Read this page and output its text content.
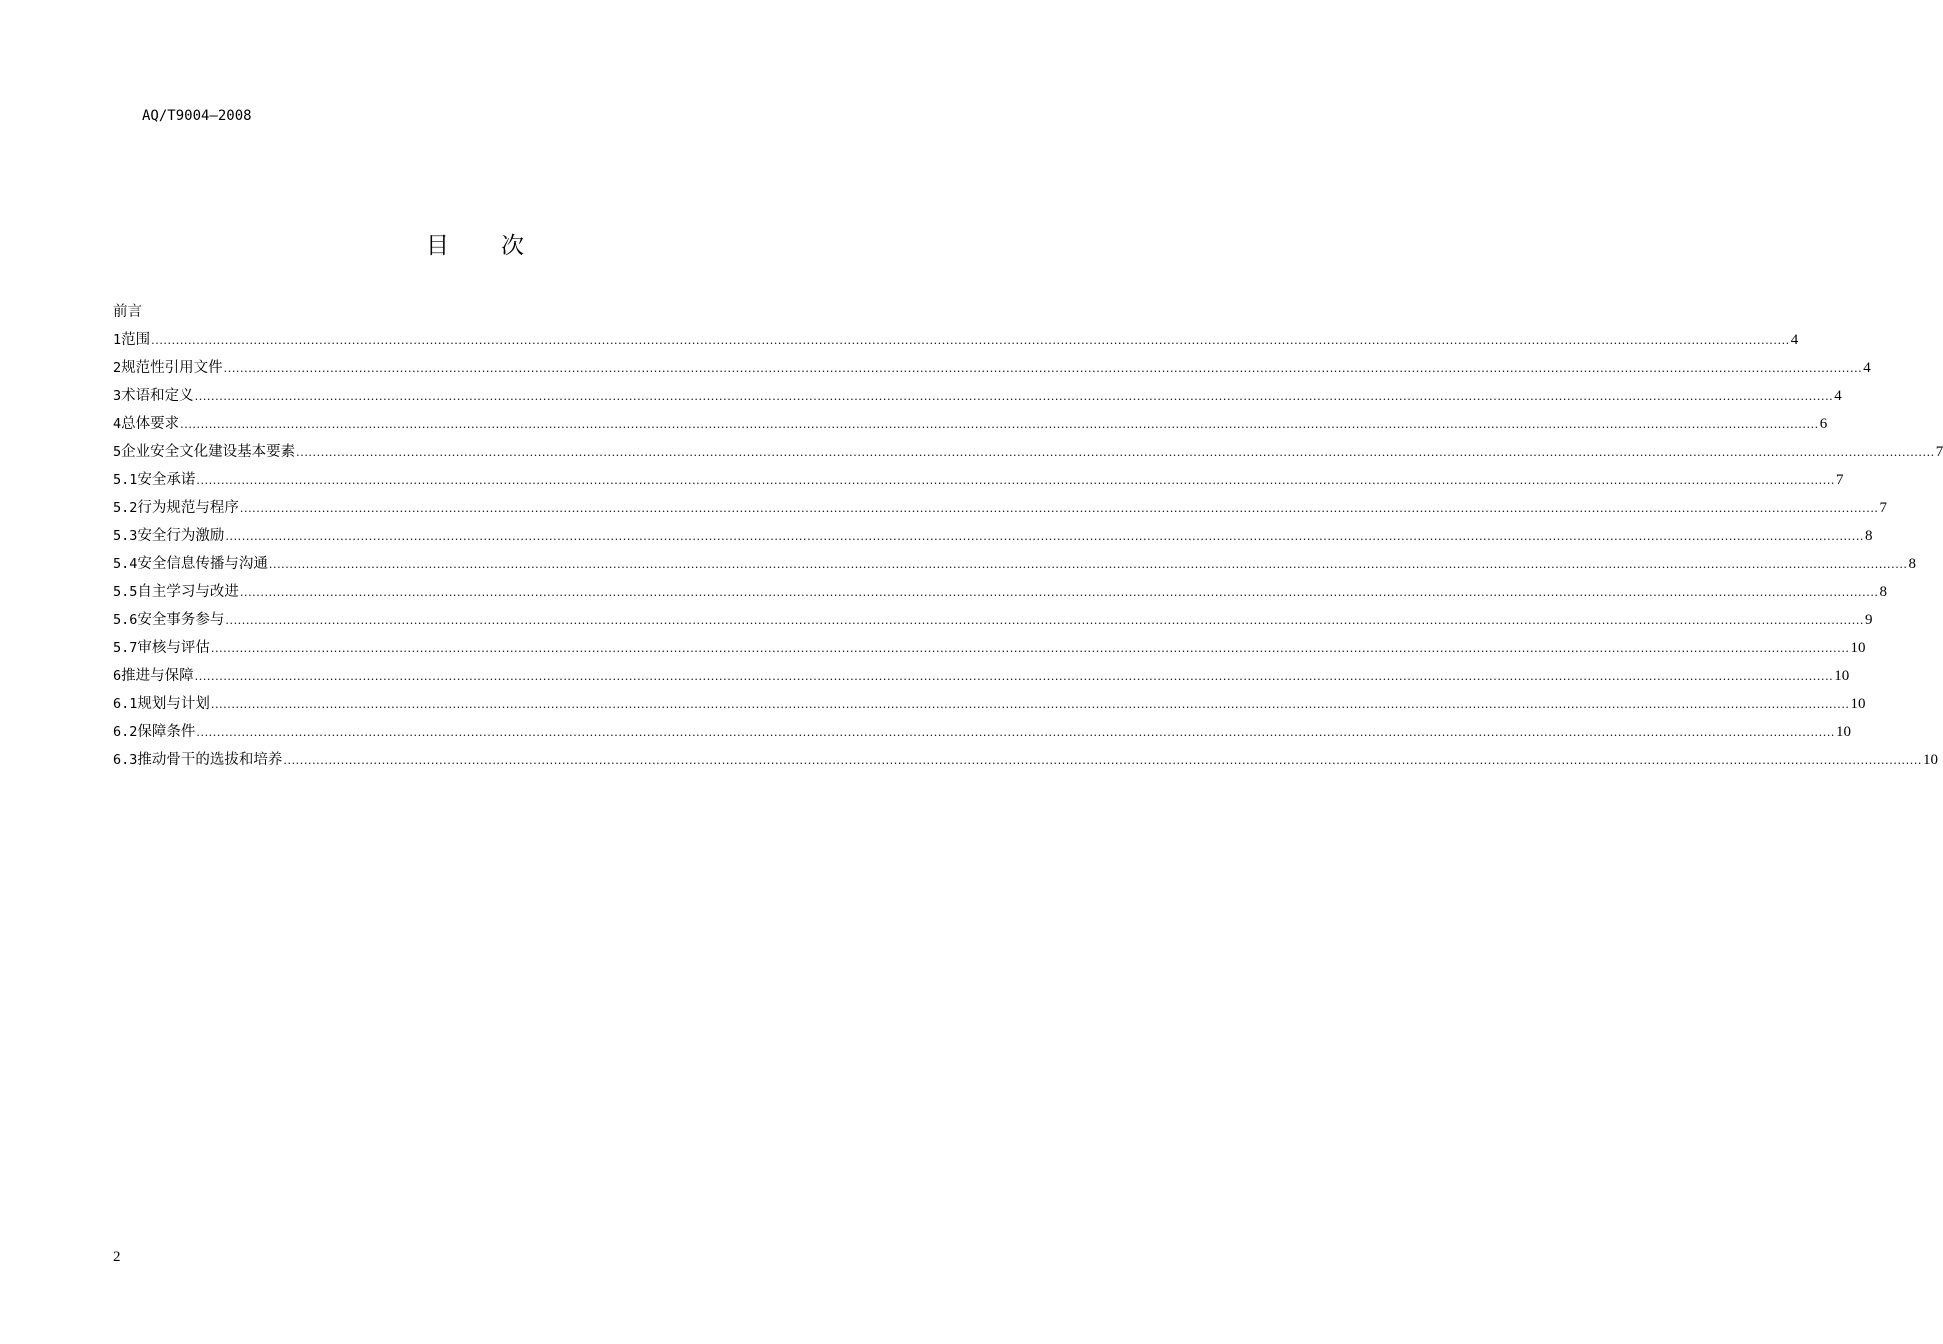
AQ/T9004—2008
目 次
前言
1 范围 ................................................................................................................................................................................................................................................................................................................................................................................................................ 4
2 规范性引用文件 ................................................................................................................................................................................................................................................................................................................................................................................................................ 4
3 术语和定义 ................................................................................................................................................................................................................................................................................................................................................................................................................ 4
4 总体要求 ................................................................................................................................................................................................................................................................................................................................................................................................................ 6
5 企业安全文化建设基本要素 ................................................................................................................................................................................................................................................................................................................................................................................................................ 7
5.1 安全承诺 ................................................................................................................................................................................................................................................................................................................................................................................................................ 7
5.2 行为规范与程序 ................................................................................................................................................................................................................................................................................................................................................................................................................ 7
5.3 安全行为激励 ................................................................................................................................................................................................................................................................................................................................................................................................................ 8
5.4 安全信息传播与沟通 ................................................................................................................................................................................................................................................................................................................................................................................................................ 8
5.5 自主学习与改进 ................................................................................................................................................................................................................................................................................................................................................................................................................ 8
5.6 安全事务参与 ................................................................................................................................................................................................................................................................................................................................................................................................................ 9
5.7 审核与评估 ................................................................................................................................................................................................................................................................................................................................................................................................................ 10
6 推进与保障 ................................................................................................................................................................................................................................................................................................................................................................................................................ 10
6.1 规划与计划 ................................................................................................................................................................................................................................................................................................................................................................................................................ 10
6.2 保障条件 ................................................................................................................................................................................................................................................................................................................................................................................................................ 10
6.3 推动骨干的选拔和培养 ................................................................................................................................................................................................................................................................................................................................................................................................................ 10
2
